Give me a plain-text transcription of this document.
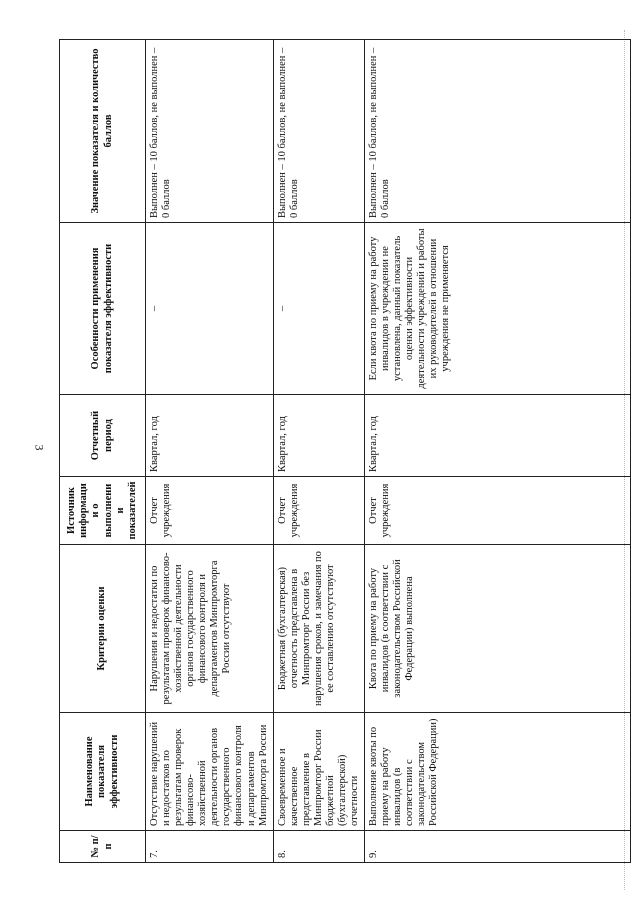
3
№ п/п	Наименование показателя эффективности	Критерии оценки	Источник информации о выполнении показателей	Отчетный период	Особенности применения показателя эффективности	Значение показателя и количество баллов
7.	Отсутствие нарушений и недостатков по результатам проверок финансово-хозяйственной деятельности органов государственного финансового контроля и департаментов Минпромторга России	Нарушения и недостатки по результатам проверок финансово-хозяйственной деятельности органов государственного финансового контроля и департаментов Минпромторга России отсутствуют	Отчет учреждения	Квартал, год	–	Выполнен – 10 баллов, не выполнен – 0 баллов
8.	Своевременное и качественное представление в Минпромторг России бюджетной (бухгалтерской) отчетности	Бюджетная (бухгалтерская) отчетность представлена в Минпромторг России без нарушения сроков, и замечания по ее составлению отсутствуют	Отчет учреждения	Квартал, год	–	Выполнен – 10 баллов, не выполнен – 0 баллов
9.	Выполнение квоты по приему на работу инвалидов (в соответствии с законодательством Российской Федерации)	Квота по приему на работу инвалидов (в соответствии с законодательством Российской Федерации) выполнена	Отчет учреждения	Квартал, год	Если квота по приему на работу инвалидов в учреждении не установлена, данный показатель оценки эффективности деятельности учреждений и работы их руководителей в отношении учреждения не применяется	Выполнен – 10 баллов, не выполнен – 0 баллов
